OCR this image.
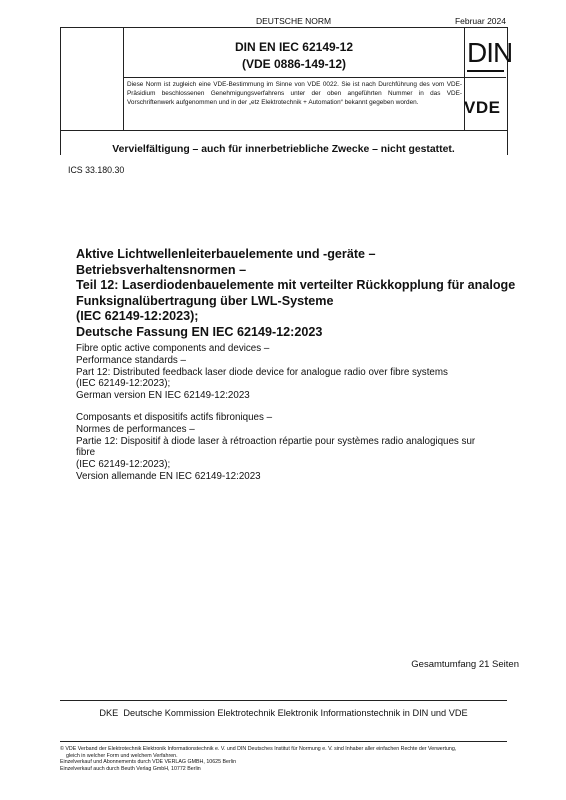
DEUTSCHE NORM	Februar 2024
DIN EN IEC 62149-12
(VDE 0886-149-12)
Diese Norm ist zugleich eine VDE-Bestimmung im Sinne von VDE 0022. Sie ist nach Durchführung des vom VDE-Präsidium beschlossenen Genehmigungsverfahrens unter der oben angeführten Nummer in das VDE-Vorschriftenwerk aufgenommen und in der „etz Elektrotechnik + Automation“ bekannt gegeben worden.
DIN
VDE
Vervielfältigung – auch für innerbetriebliche Zwecke – nicht gestattet.
ICS 33.180.30
Aktive Lichtwellenleiterbauelemente und -geräte –
Betriebsverhaltensnormen –
Teil 12: Laserdiodenbauelemente mit verteilter Rückkopplung für analoge
Funksignalübertragung über LWL-Systeme
(IEC 62149-12:2023);
Deutsche Fassung EN IEC 62149-12:2023
Fibre optic active components and devices –
Performance standards –
Part 12: Distributed feedback laser diode device for analogue radio over fibre systems
(IEC 62149-12:2023);
German version EN IEC 62149-12:2023
Composants et dispositifs actifs fibroniques –
Normes de performances –
Partie 12: Dispositif à diode laser à rétroaction répartie pour systèmes radio analogiques sur
fibre
(IEC 62149-12:2023);
Version allemande EN IEC 62149-12:2023
Gesamtumfang 21 Seiten
DKE Deutsche Kommission Elektrotechnik Elektronik Informationstechnik in DIN und VDE
© VDE Verband der Elektrotechnik Elektronik Informationstechnik e. V. und DIN Deutsches Institut für Normung e. V. sind Inhaber aller einfachen Rechte der Verwertung,
gleich in welcher Form und welchem Verfahren.
Einzelverkauf und Abonnements durch VDE VERLAG GMBH, 10625 Berlin
Einzelverkauf auch durch Beuth Verlag GmbH, 10772 Berlin
